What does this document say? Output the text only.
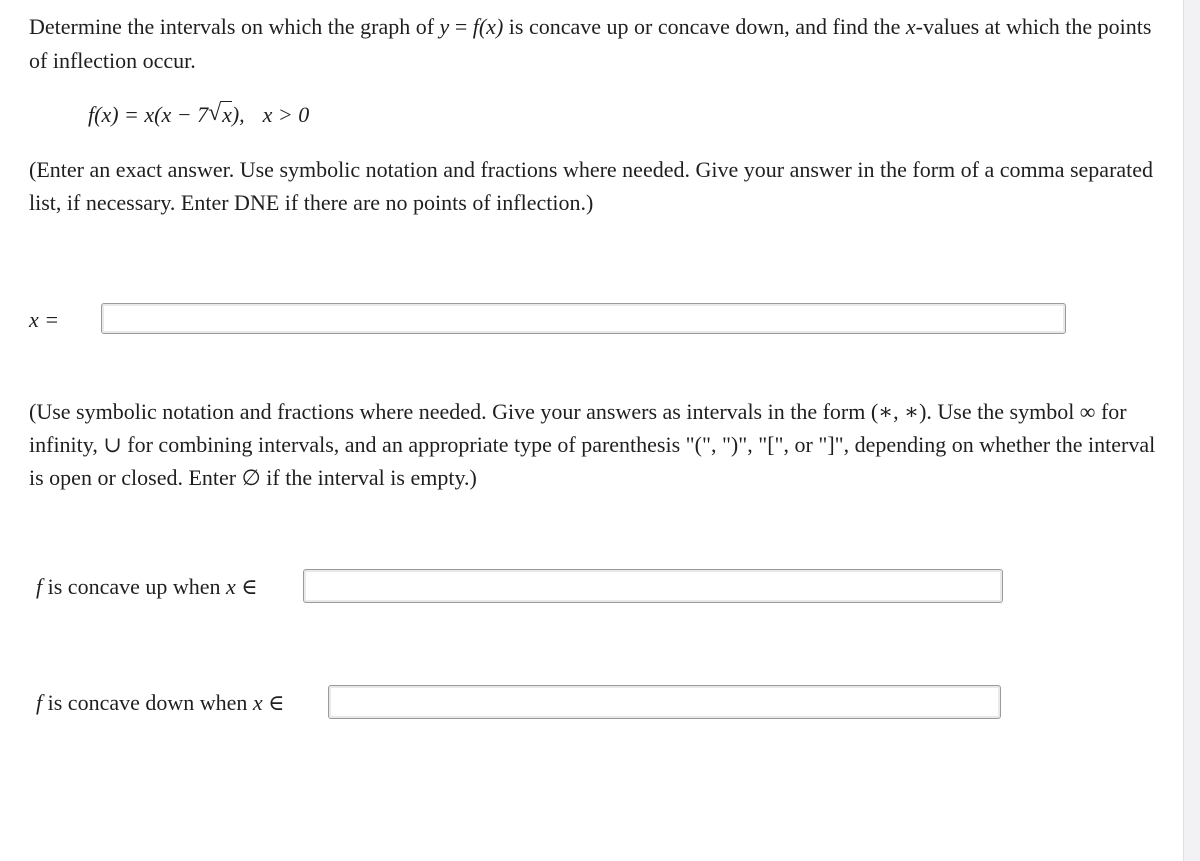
Determine the intervals on which the graph of y = f(x) is concave up or concave down, and find the x-values at which the points of inflection occur.
f(x) = x(x − 7 √ x), x > 0
(Enter an exact answer. Use symbolic notation and fractions where needed. Give your answer in the form of a comma separated list, if necessary. Enter DNE if there are no points of inflection.)
x =
(Use symbolic notation and fractions where needed. Give your answers as intervals in the form (∗, ∗). Use the symbol ∞ for infinity, ∪ for combining intervals, and an appropriate type of parenthesis "(", ")", "[", or "]", depending on whether the interval is open or closed. Enter ∅ if the interval is empty.)
f is concave up when x ∈
f is concave down when x ∈
